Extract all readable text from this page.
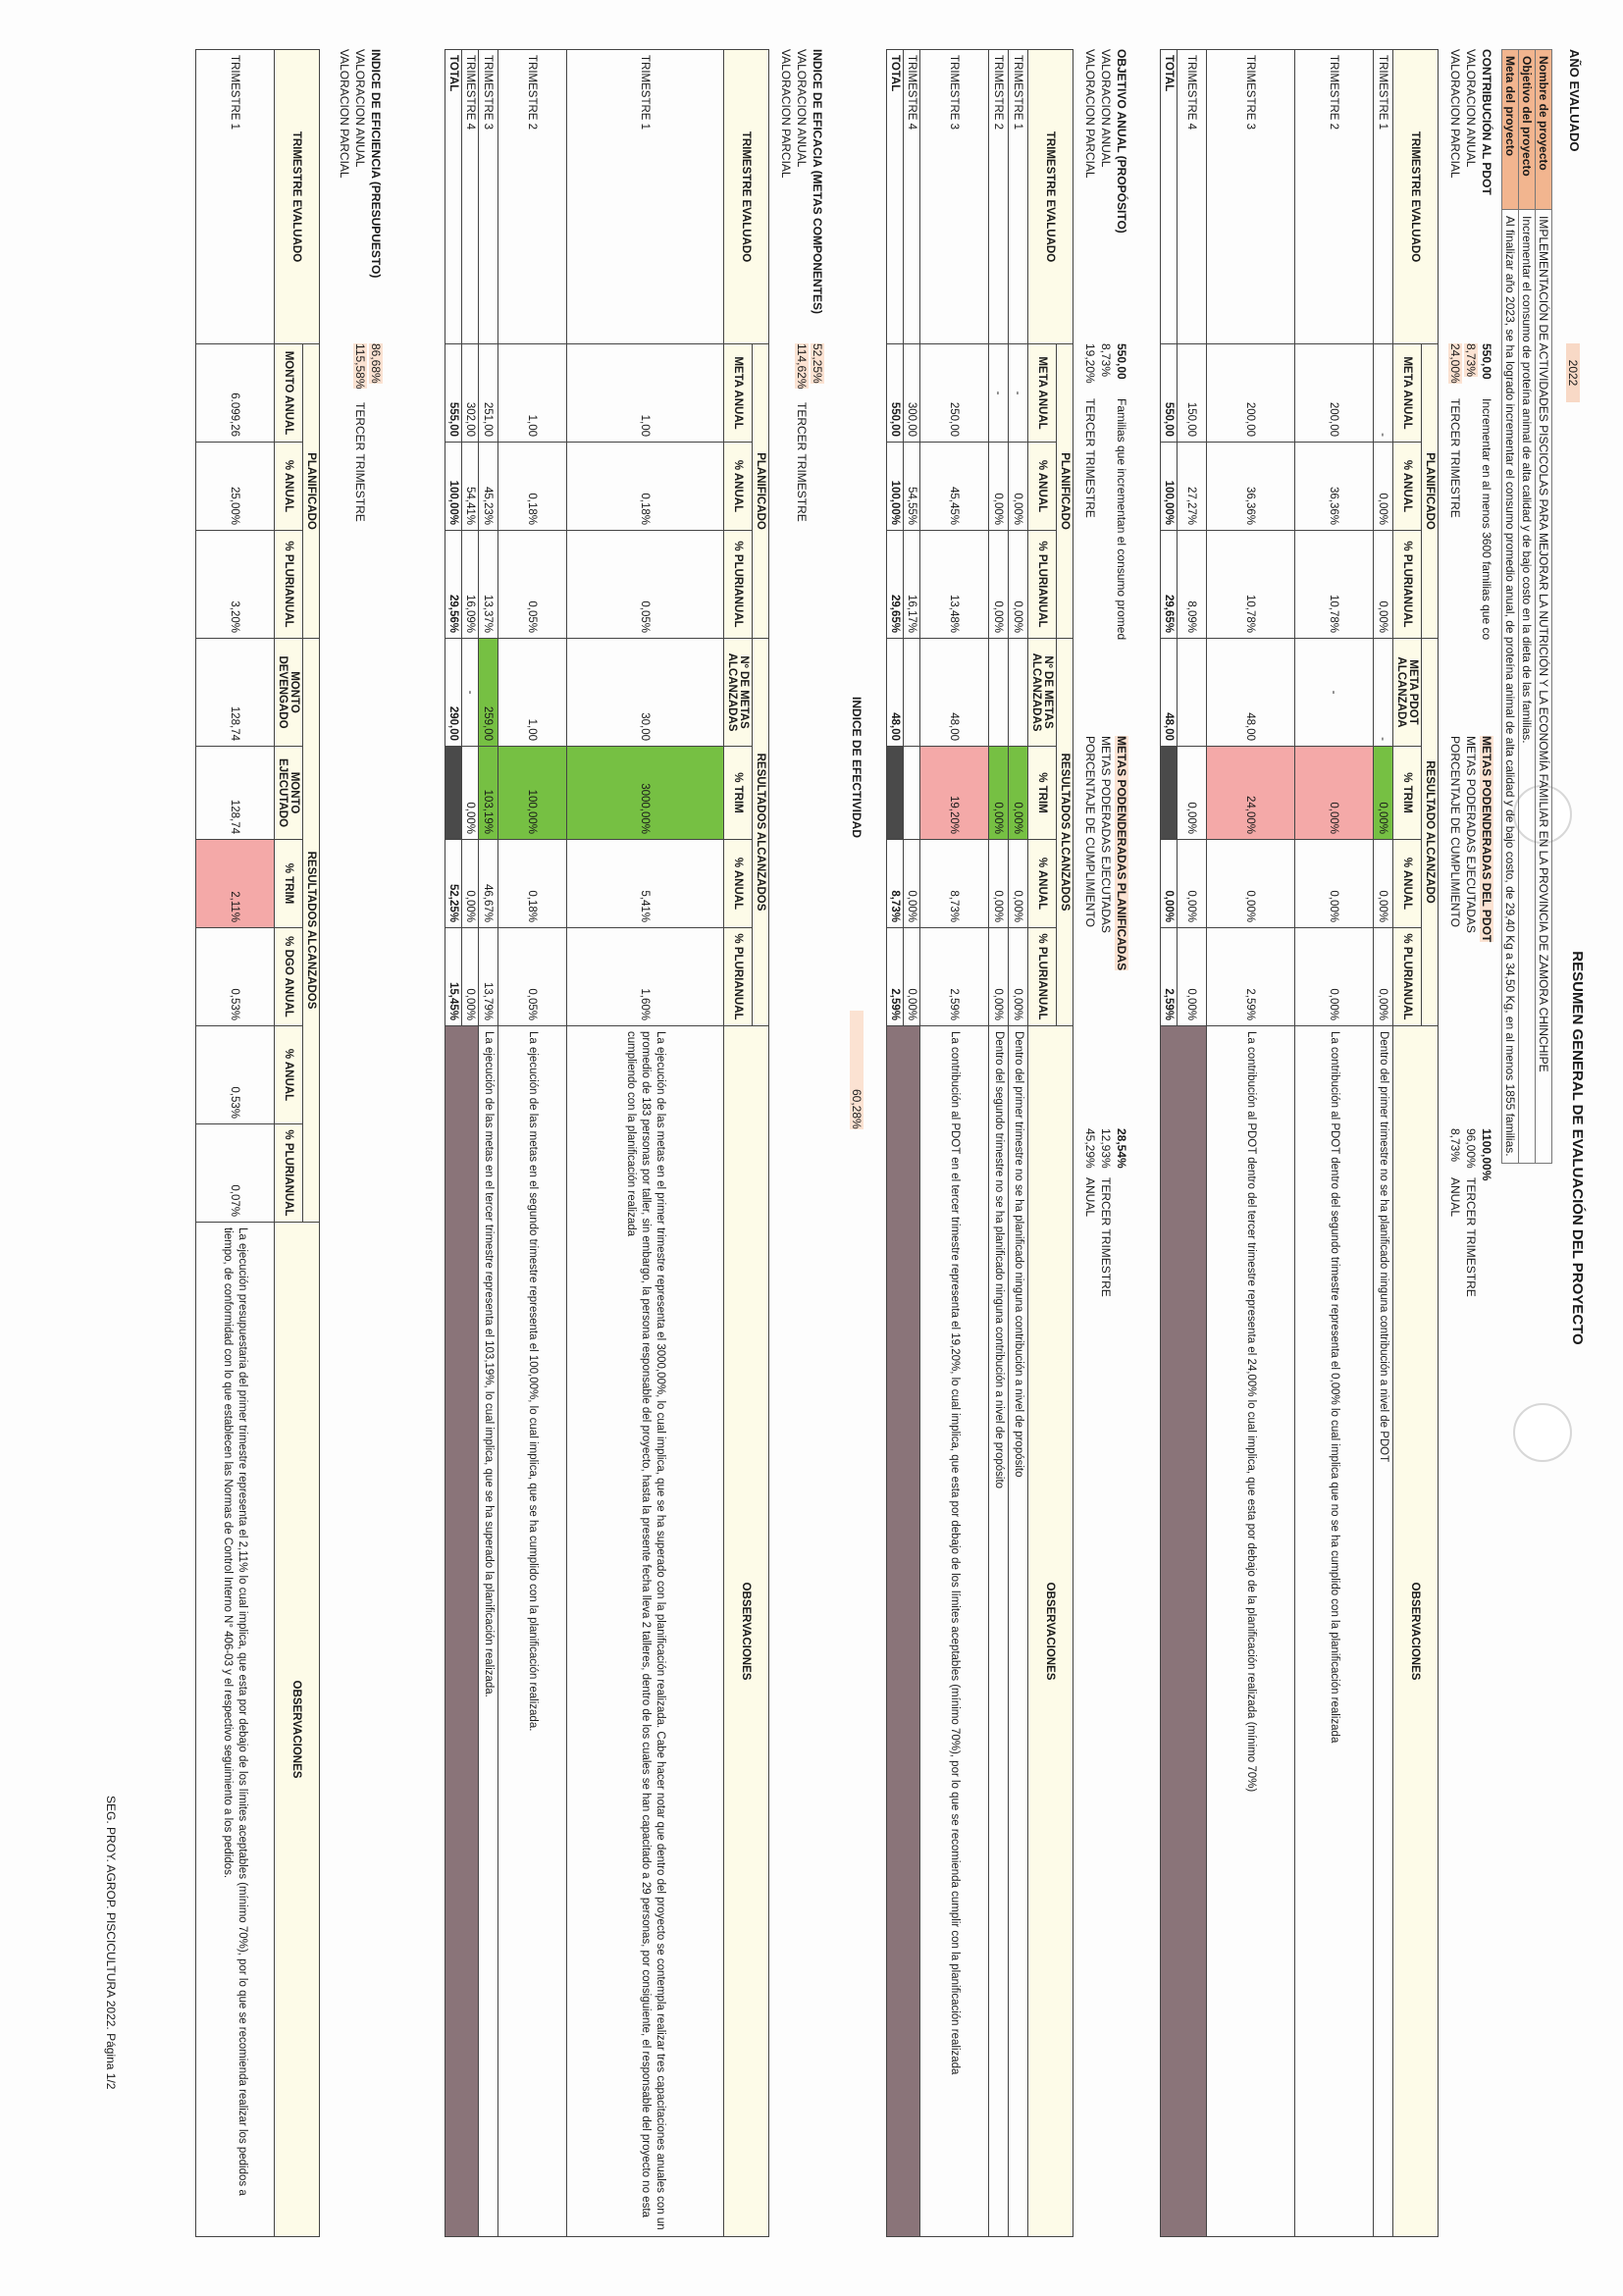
AÑO EVALUADO
2022
RESUMEN GENERAL DE EVALUACIÓN DEL PROYECTO
Nombre de proyecto	IMPLEMENTACIÓN DE ACTIVIDADES PISCICOLAS PARA MEJORAR LA NUTRICIÓN Y LA ECONOMÍA FAMILIAR EN LA PROVINCIA DE ZAMORA CHINCHIPE
Objetivo del proyecto	Incrementar el consumo de proteína animal de alta calidad y de bajo costo en la dieta de las familias.
Meta del proyecto	Al finalizar año 2023, se ha logrado incrementar el consumo promedio anual, de proteína animal de alta calidad y de bajo costo, de 29,40 Kg a 34,50 Kg, en al menos 1855 familias.
CONTRIBUCIÓN AL PDOT
550,00
Incrementar en al menos 3600 familias que co
METAS PODENDERADAS DEL PDOT
1100,00%
VALORACION ANUAL
8,73%
METAS PODERADAS EJECUTADAS
96,00%
TERCER TRIMESTRE
VALORACION PARCIAL
24,00%
TERCER TRIMESTRE
PORCENTAJE DE CUMPLIMIENTO
8,73%
ANUAL
TRIMESTRE EVALUADO	PLANIFICADO			RESULTADO ALCANZADO				OBSERVACIONES
	META ANUAL	% ANUAL	% PLURIANUAL	META PDOT ALCANZADA	% TRIM	% ANUAL	% PLURIANUAL	
TRIMESTRE 1	-	0,00%	0,00%	-	0,00%	0,00%	0,00%	Dentro del primer trimestre no se ha planificado ninguna contribución a nivel de PDOT
TRIMESTRE 2	200,00	36,36%	10,78%	-	0,00%	0,00%	0,00%	La contribución al PDOT dentro del segundo trimestre representa el 0,00% lo cual implica que no se ha cumplido con la planificación realizada
TRIMESTRE 3	200,00	36,36%	10,78%	48,00	24,00%	0,00%	2,59%	La contribución al PDOT dentro del tercer trimestre representa el 24,00% lo cual implica, que esta por debajo de la planificación realizada (mínimo 70%)
TRIMESTRE 4	150,00	27,27%	8,09%		0,00%	0,00%	0,00%	
TOTAL	550,00	100,00%	29,65%	48,00		0,00%	2,59%	
OBJETIVO ANUAL (PROPÓSITO)
550,00
Familias que incrementan el consumo promed
METAS PODENDERADAS PLANIFICADAS
28,54%
VALORACION ANUAL
8,73%
METAS PODERADAS EJECUTADAS
12,93%
TERCER TRIMESTRE
VALORACION PARCIAL
19,20%
TERCER TRIMESTRE
PORCENTAJE DE CUMPLIMIENTO
45,29%
ANUAL
TRIMESTRE EVALUADO	PLANIFICADO			RESULTADOS ALCANZADOS				OBSERVACIONES
	META ANUAL	% ANUAL	% PLURIANUAL	Nº DE METAS ALCANZADAS	% TRIM	% ANUAL	% PLURIANUAL	
TRIMESTRE 1	-	0,00%	0,00%		0,00%	0,00%	0,00%	Dentro del primer trimestre no se ha planificado ninguna contribución a nivel de propósito
TRIMESTRE 2	-	0,00%	0,00%		0,00%	0,00%	0,00%	Dentro del segundo trimestre no se ha planificado ninguna contribución a nivel de propósito
TRIMESTRE 3	250,00	45,45%	13,48%	48,00	19,20%	8,73%	2,59%	La contribución al PDOT en el tercer trimestre representa el 19,20%, lo cual implica, que esta por debajo de los límites aceptables (mínimo 70%), por lo que se recomienda cumplir con la planificación realizada
TRIMESTRE 4	300,00	54,55%	16,17%			0,00%	0,00%	
TOTAL	550,00	100,00%	29,65%	48,00		8,73%	2,59%	
INDICE DE EFICACIA (METAS COMPONENTES)
52,25%
VALORACION ANUAL
114,62%
TERCER TRIMESTRE
VALORACION PARCIAL
INDICE DE EFECTIVIDAD
60,28%
TRIMESTRE EVALUADO	PLANIFICADO			RESULTADOS ALCANZADOS				OBSERVACIONES
	META ANUAL	% ANUAL	% PLURIANUAL	Nº DE METAS ALCANZADAS	% TRIM	% ANUAL	% PLURIANUAL	
TRIMESTRE 1	1,00	0,18%	0,05%	30,00	3000,00%	5,41%	1,60%	La ejecución de las metas en el primer trimestre representa el 3000,00%, lo cual implica, que se ha superado con la planificación realizada. Cabe hacer notar que dentro del proyecto se contempla realizar tres capacitaciones anuales con un promedio de 183 personas por taller, sin embargo, la persona responsable del proyecto, hasta la presente fecha lleva 2 talleres, dentro de los cuales se han capacitado a 29 personas, por consiguiente, el responsable del proyecto no esta cumpliendo con la planificación realizada
TRIMESTRE 2	1,00	0,18%	0,05%	1,00	100,00%	0,18%	0,05%	La ejecución de las metas en el segundo trimestre representa el 100,00%, lo cual implica, que se ha cumplido con la planificación realizada.
TRIMESTRE 3	251,00	45,23%	13,37%	259,00	103,19%	46,67%	13,79%	La ejecución de las metas en el tercer trimestre representa el 103,19%, lo cual implica, que se ha superado la planificación realizada.
TRIMESTRE 4	302,00	54,41%	16,09%	-	0,00%	0,00%	0,00%	
TOTAL	555,00	100,00%	29,56%	290,00		52,25%	15,45%	
INDICE DE EFICIENCIA (PRESUPUESTO)
86,68%
VALORACION ANUAL
115,58%
TERCER TRIMESTRE
VALORACION PARCIAL
TRIMESTRE EVALUADO	PLANIFICADO			RESULTADOS ALCANZADOS						OBSERVACIONES
	MONTO ANUAL	% ANUAL	% PLURIANUAL	MONTO DEVENGADO	MONTO EJECUTADO	% TRIM	% DGO ANUAL	% ANUAL	% PLURIANUAL	
TRIMESTRE 1	6.099,26	25,00%	3,20%	128,74	128,74	2,11%	0,53%	0,53%	0,07%	La ejecución presupuestaria del primer trimestre representa el 2,11% lo cual implica, que esta por debajo de los límites aceptables (mínimo 70%), por lo que se recomienda realizar los pedidos a tiempo, de conformidad con lo que establecen las Normas de Control Interno N° 406-03 y el respectivo seguimiento a los pedidos.
SEG. PROY. AGROP. PISCICULTURA 2022. Página 1/2
